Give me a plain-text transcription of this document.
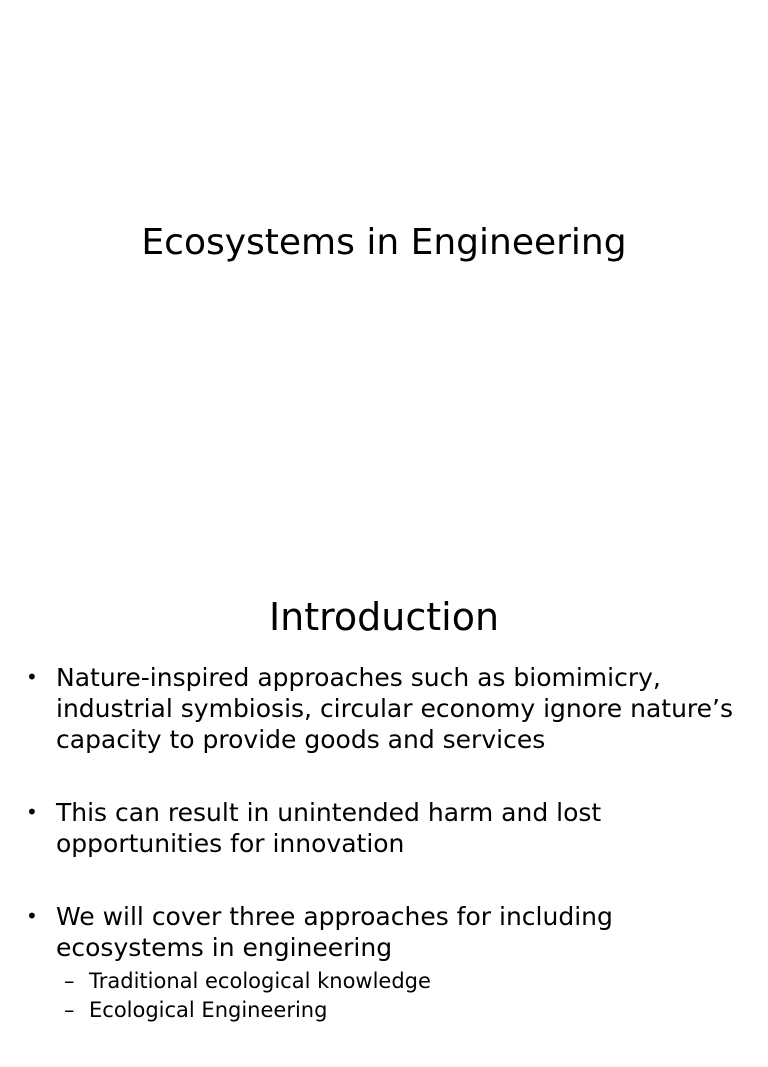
Ecosystems in Engineering
Introduction
• Nature-inspired approaches such as biomimicry, industrial symbiosis, circular economy ignore nature’s capacity to provide goods and services
• This can result in unintended harm and lost opportunities for innovation
• We will cover three approaches for including ecosystems in engineering
– Traditional ecological knowledge
– Ecological Engineering
